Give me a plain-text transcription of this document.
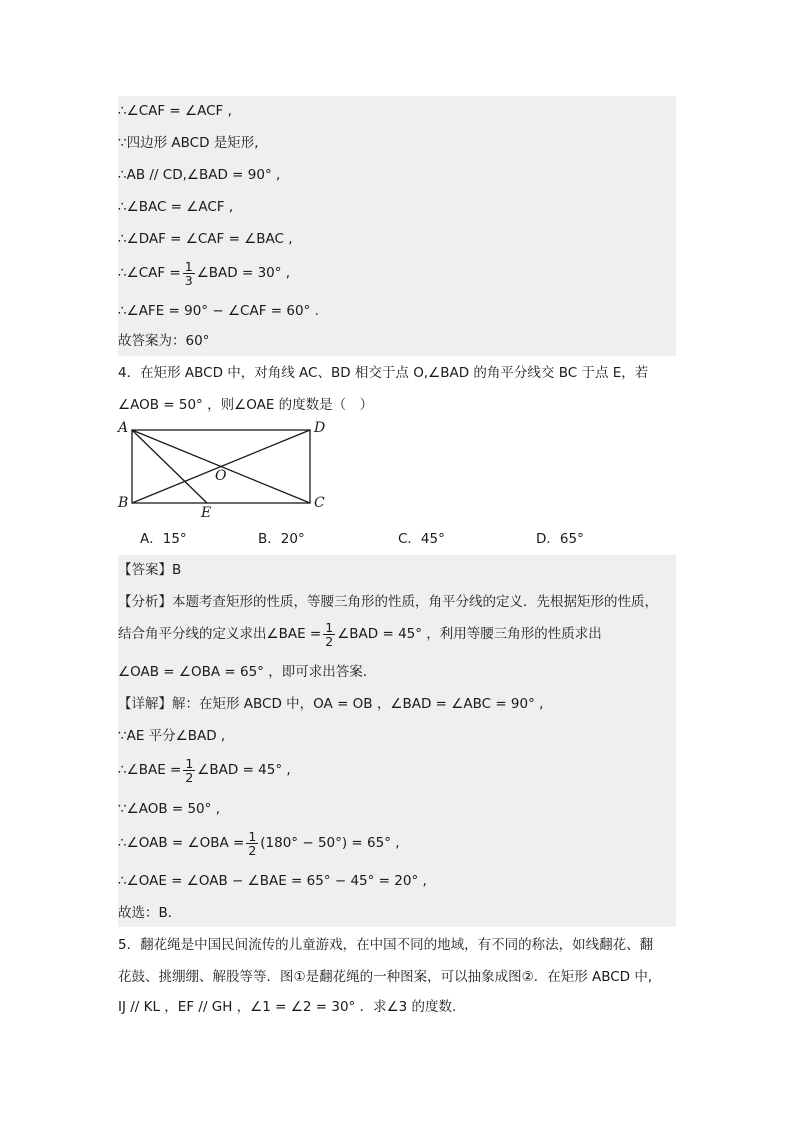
∴∠CAF = ∠ACF ,
∵四边形 ABCD 是矩形,
∴AB // CD,∠BAD = 90° ,
∴∠BAC = ∠ACF ,
∴∠DAF = ∠CAF = ∠BAC ,
∴∠CAF = $\frac{1}{3}$ ∠BAD = 30° ,
∴∠AFE = 90° − ∠CAF = 60° .
故答案为：60°
4．在矩形 ABCD 中，对角线 AC、BD 相交于点 O,∠BAD 的角平分线交 BC 于点 E，若
∠AOB = 50° ，则∠OAE 的度数是（　）
A	D
B	C
O
E
A．15°	B．20°	C．45°	D．65°
【答案】B
【分析】本题考查矩形的性质，等腰三角形的性质，角平分线的定义．先根据矩形的性质，
结合角平分线的定义求出∠BAE = $\frac{1}{2}$ ∠BAD = 45° ，利用等腰三角形的性质求出
∠OAB = ∠OBA = 65° ，即可求出答案．
【详解】解：在矩形 ABCD 中，OA = OB ，∠BAD = ∠ABC = 90° ,
∵AE 平分∠BAD ,
∴∠BAE = $\frac{1}{2}$ ∠BAD = 45° ,
∵∠AOB = 50° ,
∴∠OAB = ∠OBA = $\frac{1}{2} (180^\circ - 50^\circ) = 65^\circ$ ,
∴∠OAE = ∠OAB − ∠BAE = 65° − 45° = 20° ,
故选：B．
5．翻花绳是中国民间流传的儿童游戏，在中国不同的地域，有不同的称法，如线翻花、翻
花鼓、挑绷绷、解股等等．图①是翻花绳的一种图案，可以抽象成图②．在矩形 ABCD 中,
IJ // KL ，EF // GH ，∠1 = ∠2 = 30° ．求∠3 的度数．
